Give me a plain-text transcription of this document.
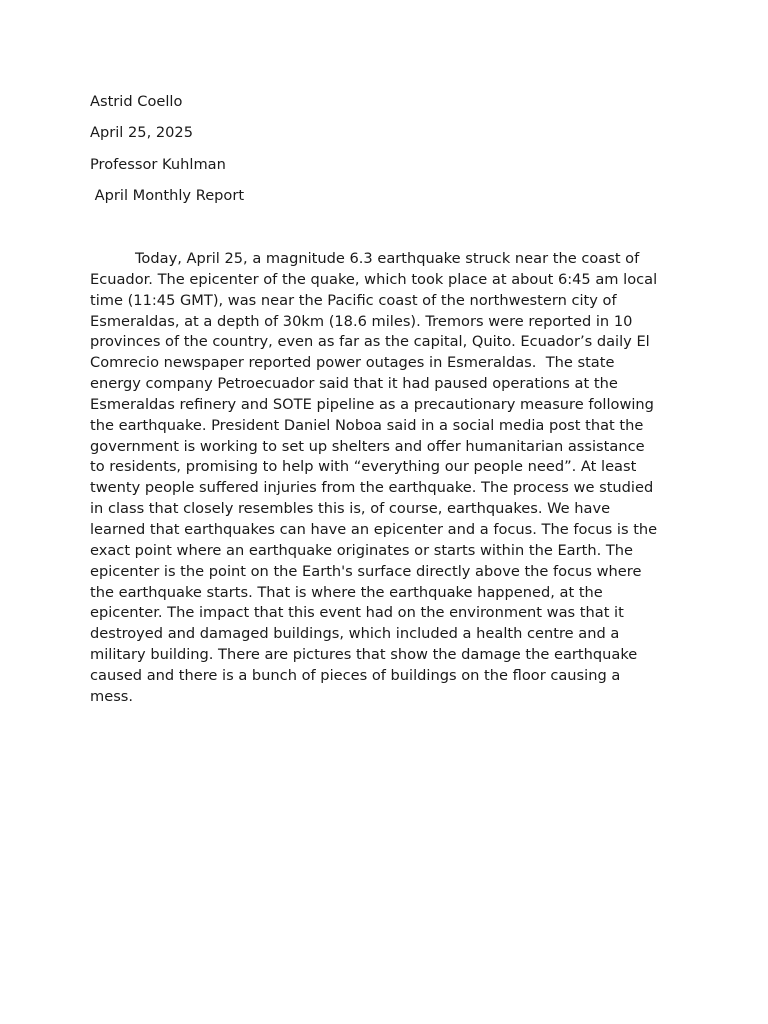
Astrid Coello
April 25, 2025
Professor Kuhlman
April Monthly Report
Today, April 25, a magnitude 6.3 earthquake struck near the coast of
Ecuador. The epicenter of the quake, which took place at about 6:45 am local
time (11:45 GMT), was near the Pacific coast of the northwestern city of
Esmeraldas, at a depth of 30km (18.6 miles). Tremors were reported in 10
provinces of the country, even as far as the capital, Quito. Ecuador’s daily El
Comrecio newspaper reported power outages in Esmeraldas.  The state
energy company Petroecuador said that it had paused operations at the
Esmeraldas refinery and SOTE pipeline as a precautionary measure following
the earthquake. President Daniel Noboa said in a social media post that the
government is working to set up shelters and offer humanitarian assistance
to residents, promising to help with “everything our people need”. At least
twenty people suffered injuries from the earthquake. The process we studied
in class that closely resembles this is, of course, earthquakes. We have
learned that earthquakes can have an epicenter and a focus. The focus is the
exact point where an earthquake originates or starts within the Earth. The
epicenter is the point on the Earth's surface directly above the focus where
the earthquake starts. That is where the earthquake happened, at the
epicenter. The impact that this event had on the environment was that it
destroyed and damaged buildings, which included a health centre and a
military building. There are pictures that show the damage the earthquake
caused and there is a bunch of pieces of buildings on the floor causing a
mess.
